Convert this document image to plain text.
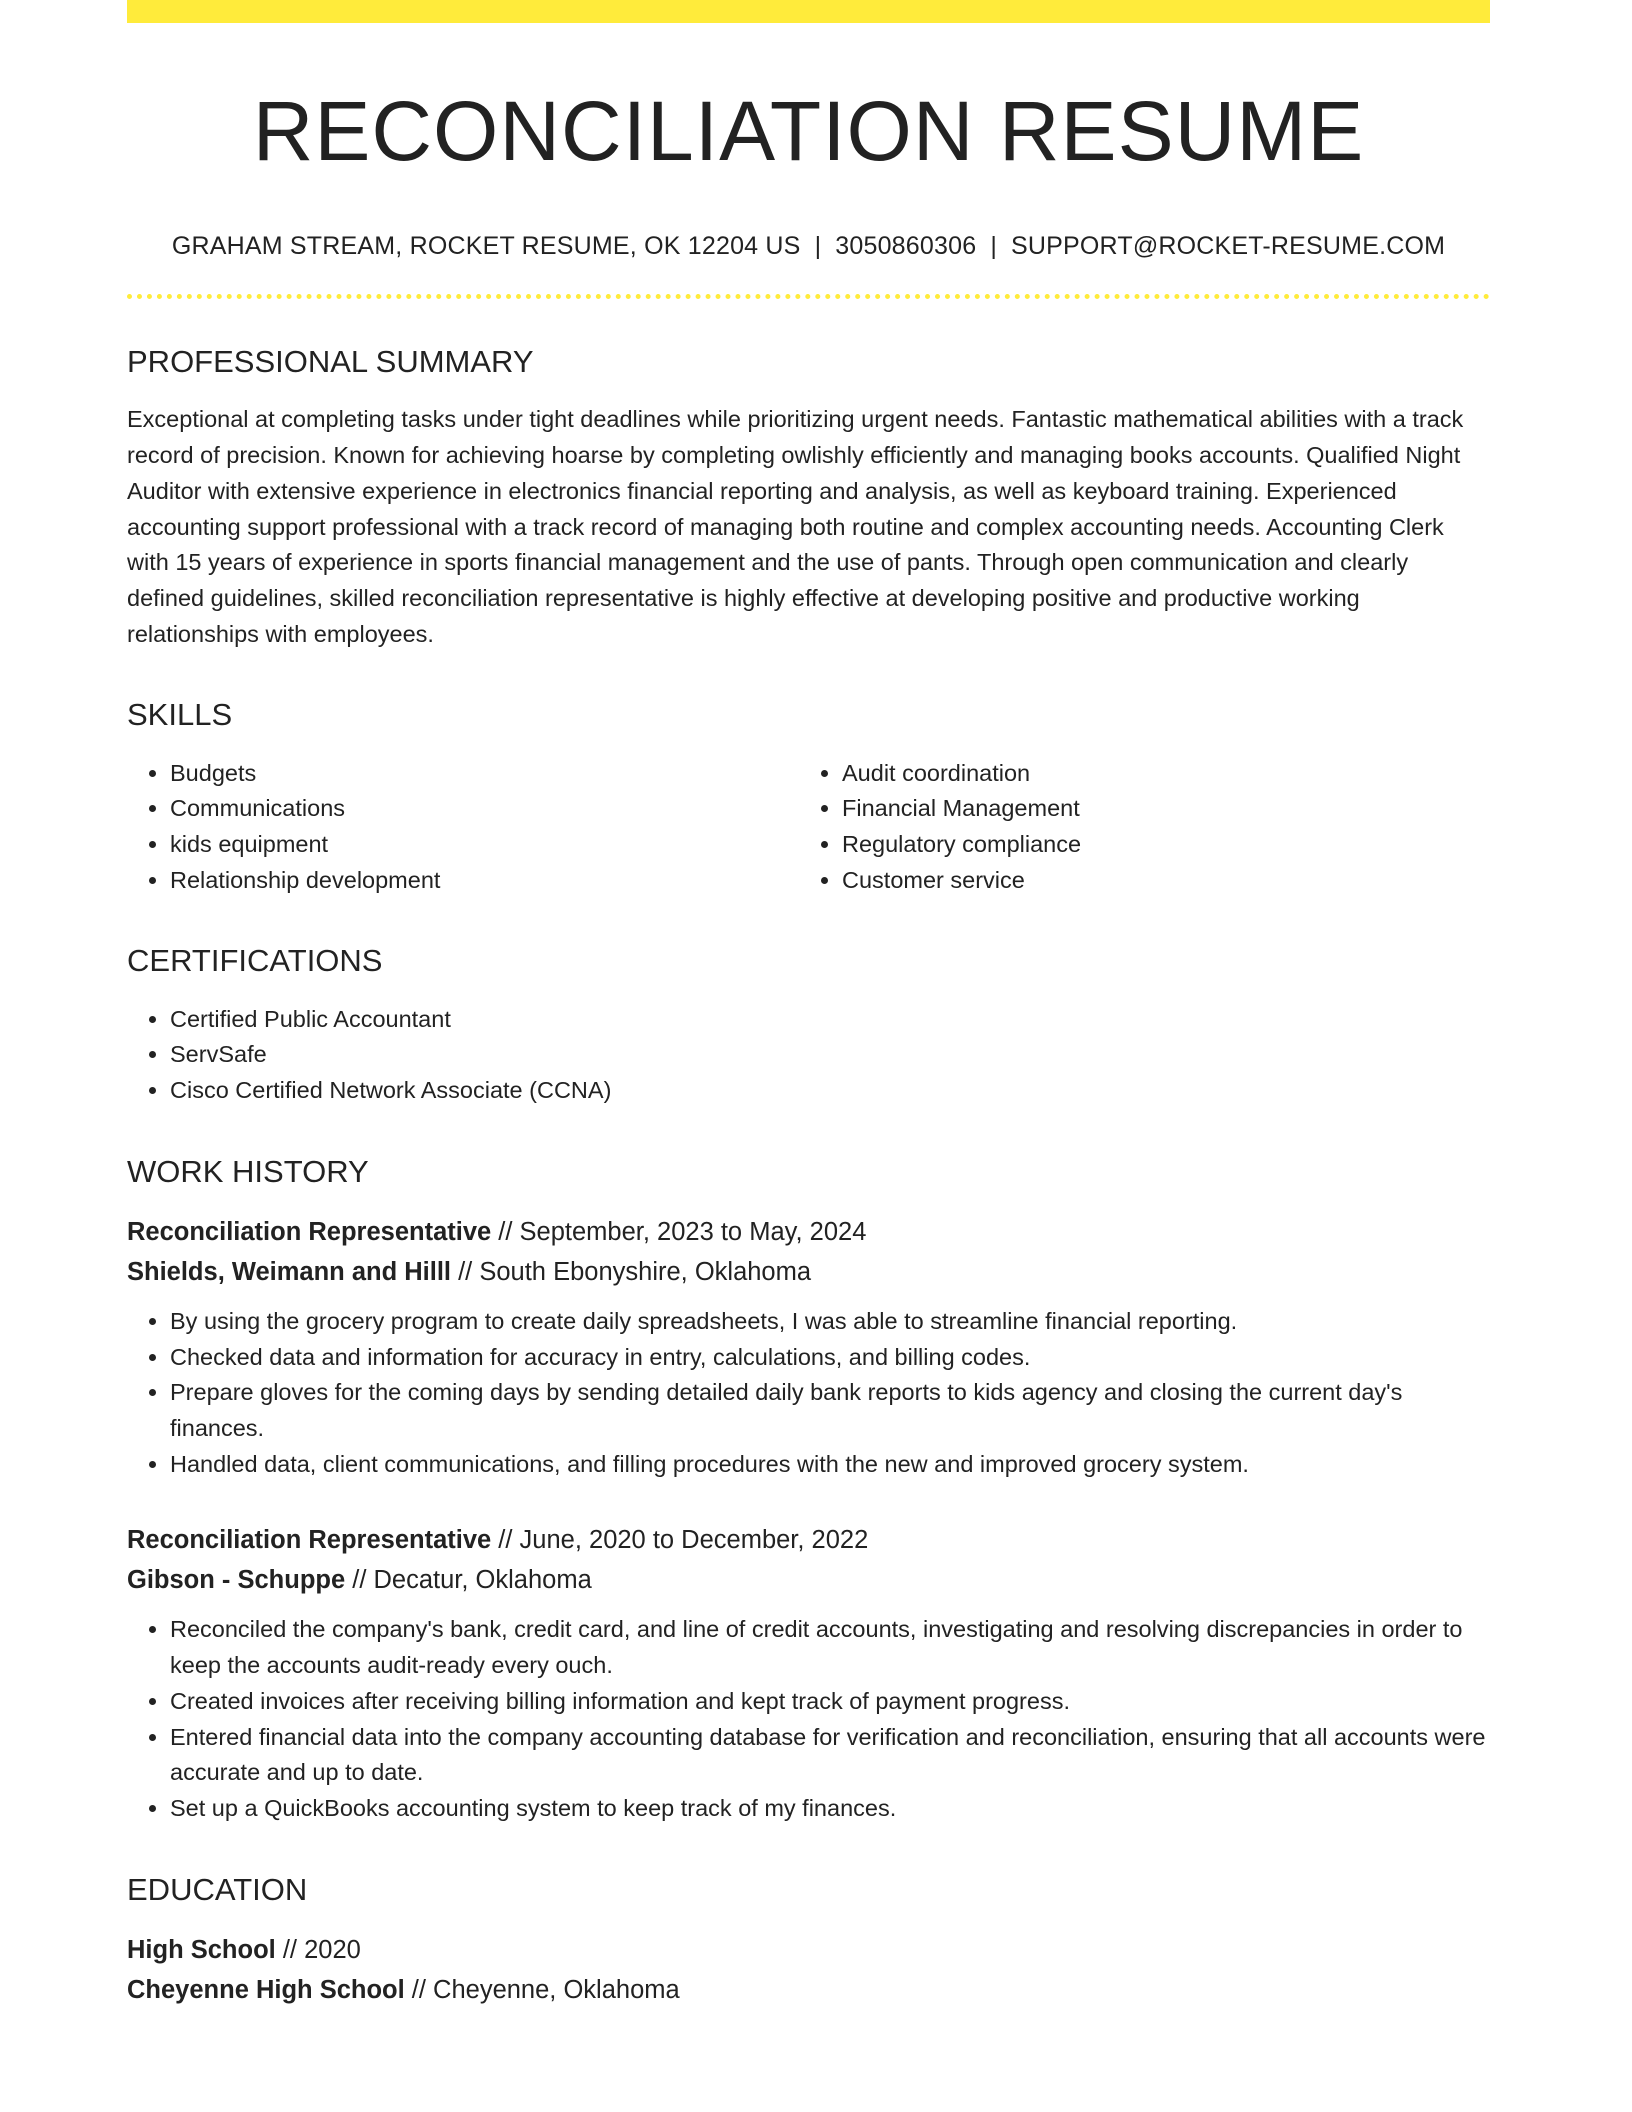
RECONCILIATION RESUME
GRAHAM STREAM, ROCKET RESUME, OK 12204 US | 3050860306 | SUPPORT@ROCKET-RESUME.COM
PROFESSIONAL SUMMARY

Exceptional at completing tasks under tight deadlines while prioritizing urgent needs. Fantastic mathematical abilities with a track record of precision. Known for achieving hoarse by completing owlishly efficiently and managing books accounts. Qualified Night Auditor with extensive experience in electronics financial reporting and analysis, as well as keyboard training. Experienced accounting support professional with a track record of managing both routine and complex accounting needs. Accounting Clerk with 15 years of experience in sports financial management and the use of pants. Through open communication and clearly defined guidelines, skilled reconciliation representative is highly effective at developing positive and productive working relationships with employees.

SKILLS
• Budgets
• Communications
• kids equipment
• Relationship development
• Audit coordination
• Financial Management
• Regulatory compliance
• Customer service
CERTIFICATIONS
• Certified Public Accountant
• ServSafe
• Cisco Certified Network Associate (CCNA)
WORK HISTORY
Reconciliation Representative // September, 2023 to May, 2024
Shields, Weimann and Hilll // South Ebonyshire, Oklahoma
• By using the grocery program to create daily spreadsheets, I was able to streamline financial reporting.
• Checked data and information for accuracy in entry, calculations, and billing codes.
• Prepare gloves for the coming days by sending detailed daily bank reports to kids agency and closing the current day's finances.
• Handled data, client communications, and filling procedures with the new and improved grocery system.
Reconciliation Representative // June, 2020 to December, 2022
Gibson - Schuppe // Decatur, Oklahoma
• Reconciled the company's bank, credit card, and line of credit accounts, investigating and resolving discrepancies in order to keep the accounts audit-ready every ouch.
• Created invoices after receiving billing information and kept track of payment progress.
• Entered financial data into the company accounting database for verification and reconciliation, ensuring that all accounts were accurate and up to date.
• Set up a QuickBooks accounting system to keep track of my finances.
EDUCATION
High School // 2020
Cheyenne High School // Cheyenne, Oklahoma
